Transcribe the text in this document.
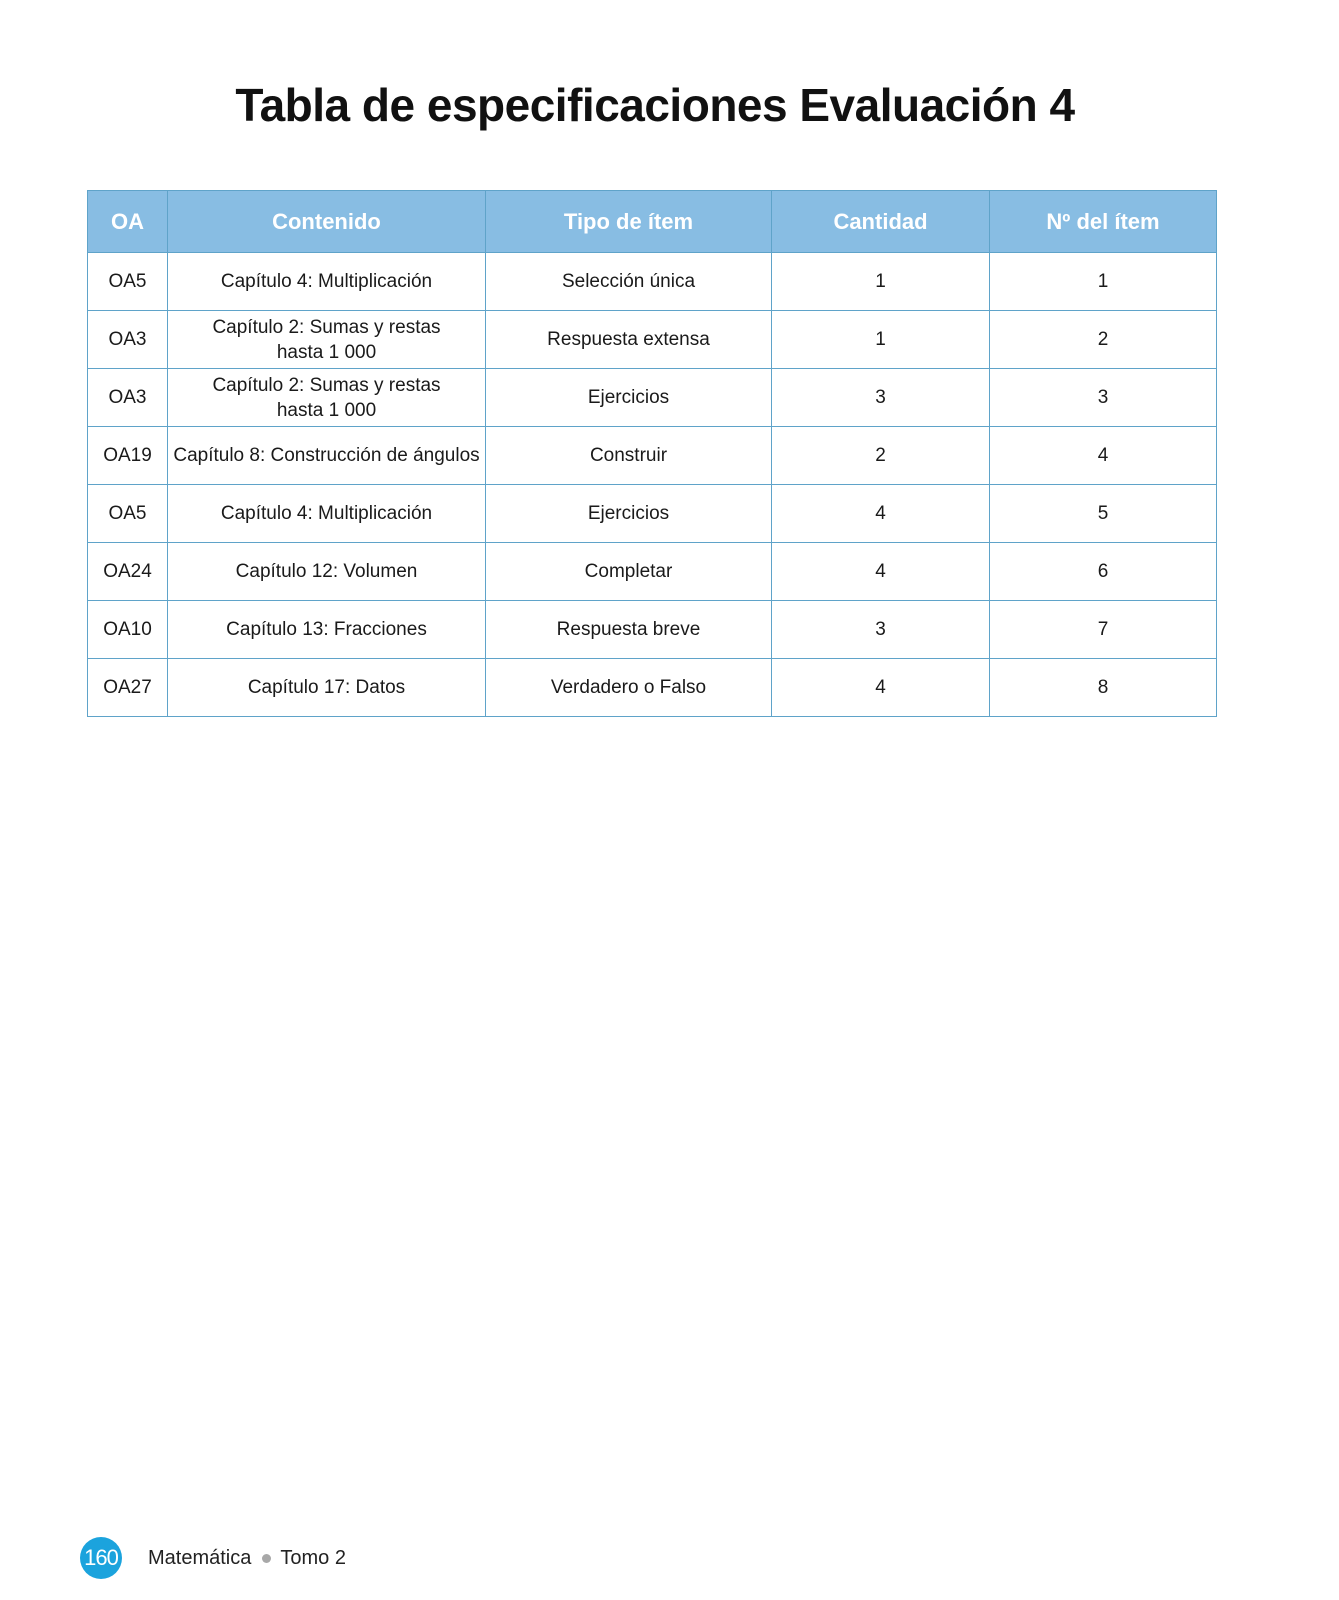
Tabla de especificaciones Evaluación 4
OA	Contenido	Tipo de ítem	Cantidad	Nº del ítem
OA5	Capítulo 4: Multiplicación	Selección única	1	1
OA3	Capítulo 2: Sumas y restas hasta 1 000	Respuesta extensa	1	2
OA3	Capítulo 2: Sumas y restas hasta 1 000	Ejercicios	3	3
OA19	Capítulo 8: Construcción de ángulos	Construir	2	4
OA5	Capítulo 4: Multiplicación	Ejercicios	4	5
OA24	Capítulo 12: Volumen	Completar	4	6
OA10	Capítulo 13: Fracciones	Respuesta breve	3	7
OA27	Capítulo 17: Datos	Verdadero o Falso	4	8
160 Matemática Tomo 2
